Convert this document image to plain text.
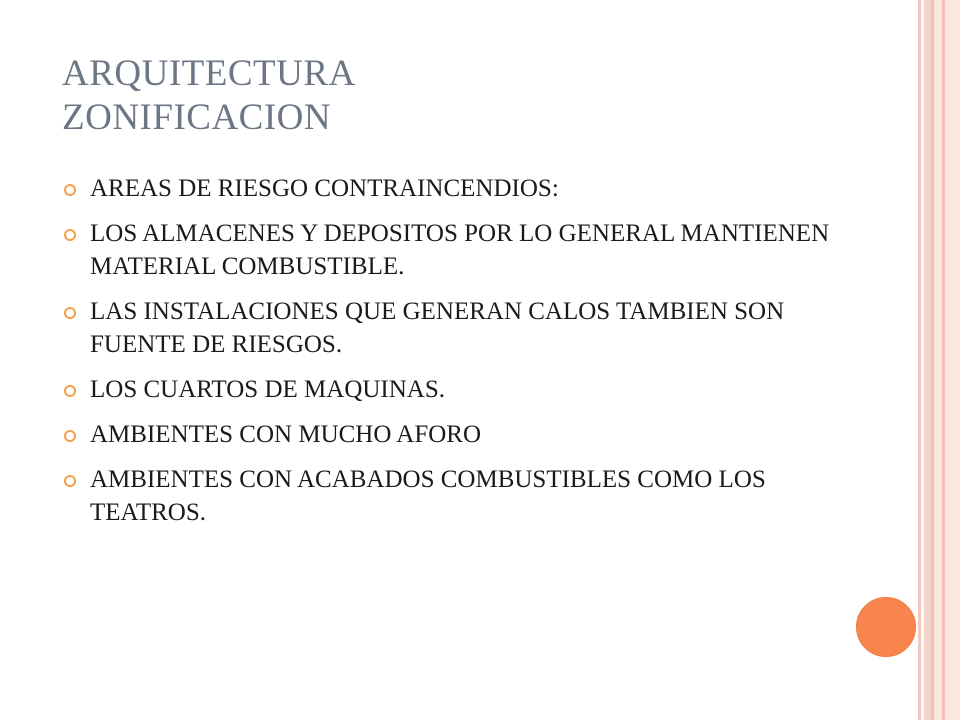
ARQUITECTURA
ZONIFICACION
AREAS DE RIESGO CONTRAINCENDIOS:
LOS ALMACENES Y DEPOSITOS POR LO GENERAL MANTIENEN MATERIAL COMBUSTIBLE.
LAS INSTALACIONES QUE GENERAN CALOS TAMBIEN SON FUENTE DE RIESGOS.
LOS CUARTOS DE MAQUINAS.
AMBIENTES CON MUCHO AFORO
AMBIENTES CON ACABADOS COMBUSTIBLES COMO LOS TEATROS.
